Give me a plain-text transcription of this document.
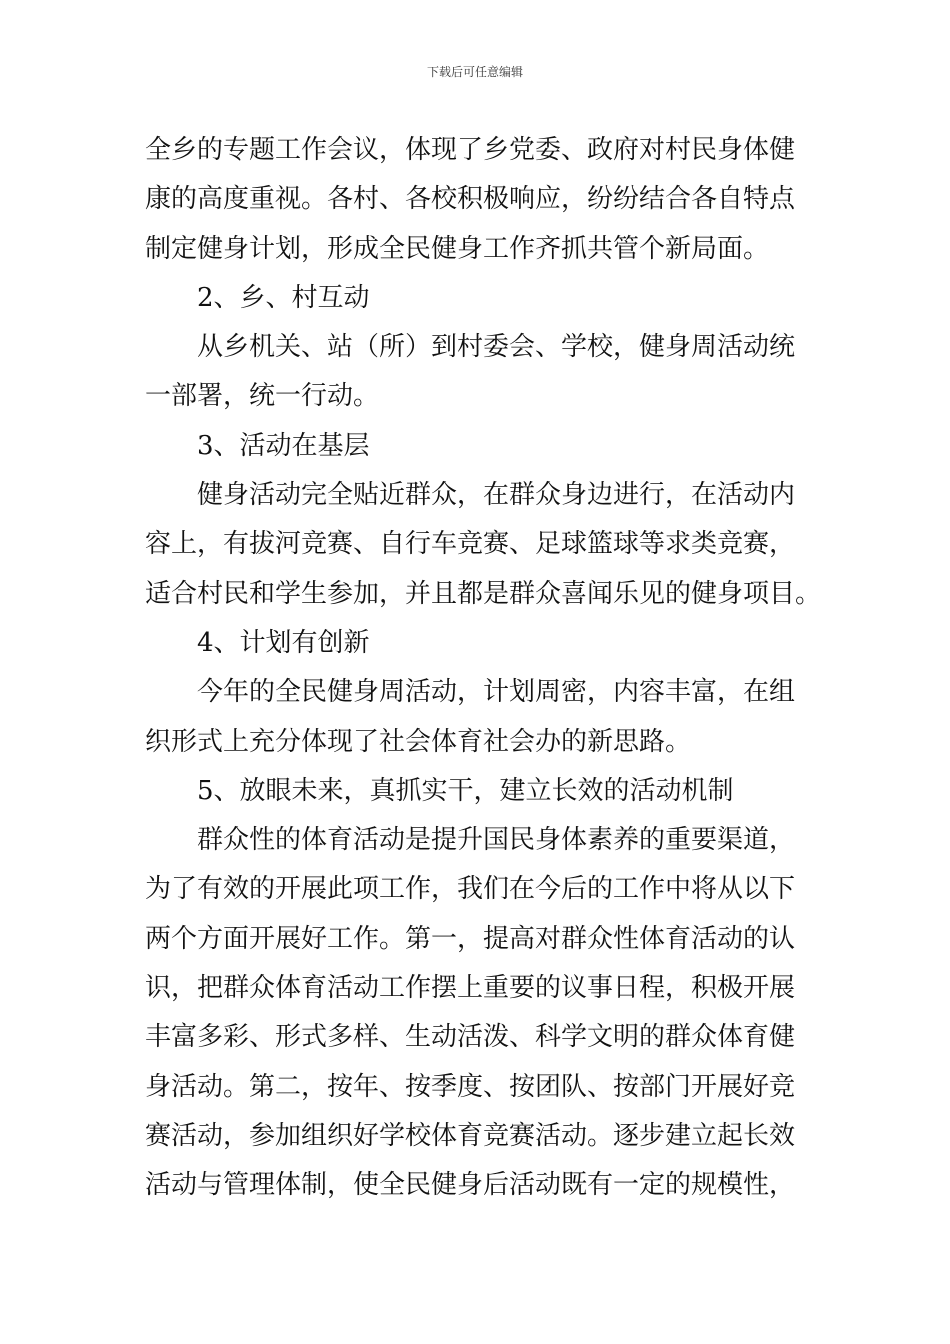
下载后可任意编辑
全乡的专题工作会议，体现了乡党委、政府对村民身体健
康的高度重视。各村、各校积极响应，纷纷结合各自特点
制定健身计划，形成全民健身工作齐抓共管个新局面。
2、乡、村互动
从乡机关、站（所）到村委会、学校，健身周活动统
一部署，统一行动。
3、活动在基层
健身活动完全贴近群众，在群众身边进行，在活动内
容上，有拔河竞赛、自行车竞赛、足球篮球等求类竞赛，
适合村民和学生参加，并且都是群众喜闻乐见的健身项目。
4、计划有创新
今年的全民健身周活动，计划周密，内容丰富，在组
织形式上充分体现了社会体育社会办的新思路。
5、放眼未来，真抓实干，建立长效的活动机制
群众性的体育活动是提升国民身体素养的重要渠道，
为了有效的开展此项工作，我们在今后的工作中将从以下
两个方面开展好工作。第一，提高对群众性体育活动的认
识，把群众体育活动工作摆上重要的议事日程，积极开展
丰富多彩、形式多样、生动活泼、科学文明的群众体育健
身活动。第二，按年、按季度、按团队、按部门开展好竞
赛活动，参加组织好学校体育竞赛活动。逐步建立起长效
活动与管理体制，使全民健身后活动既有一定的规模性，
